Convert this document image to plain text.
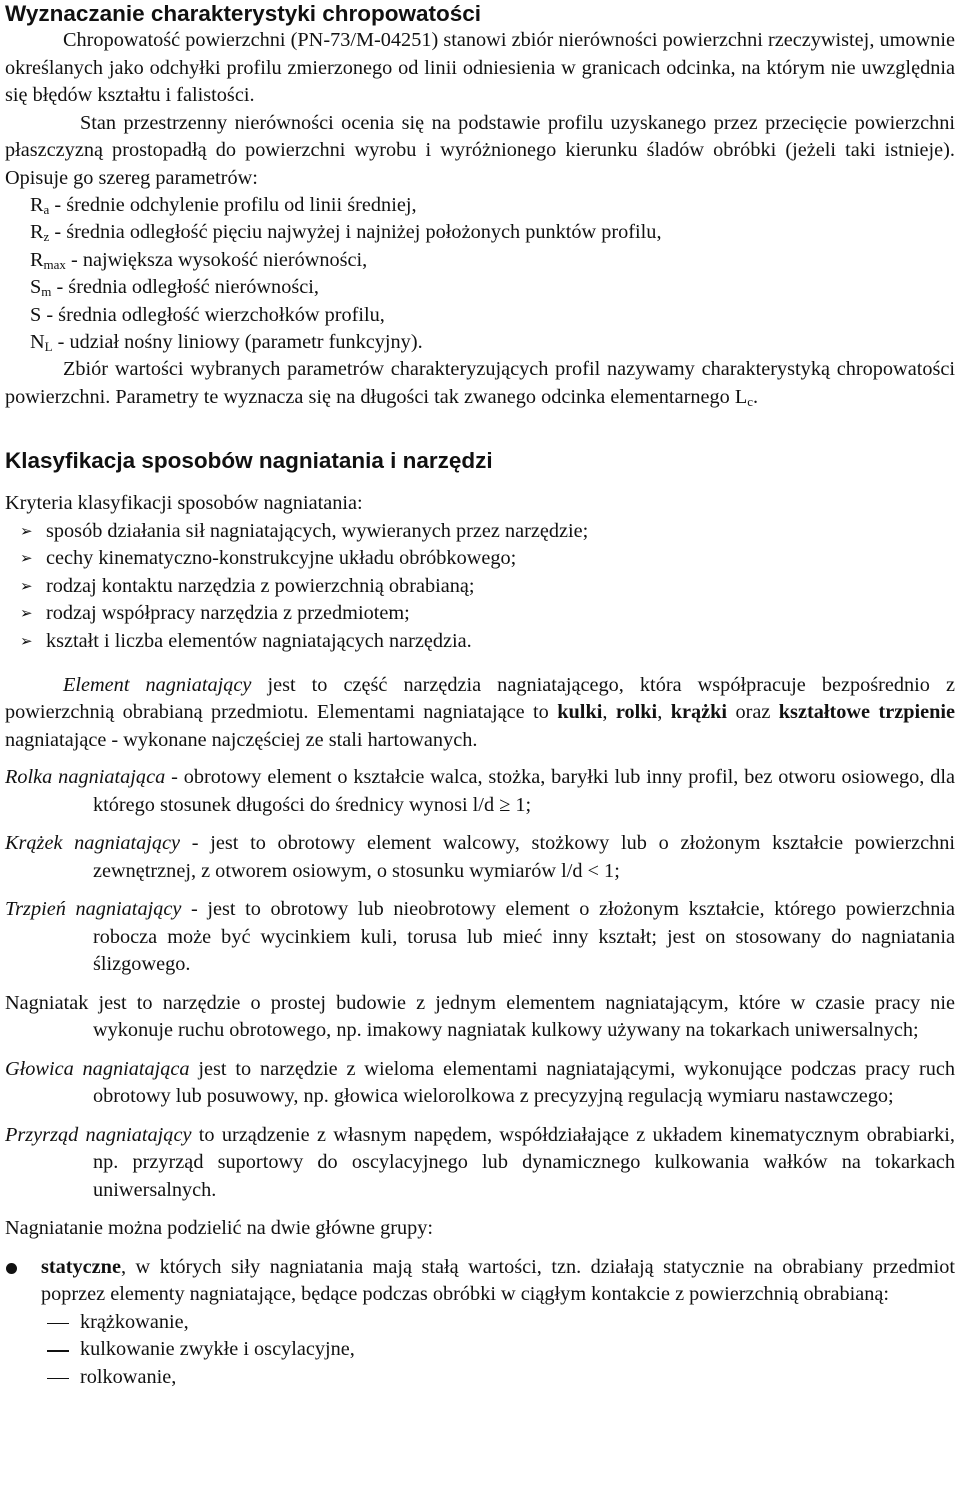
Wyznaczanie charakterystyki chropowatości

Chropowatość powierzchni (PN-73/M-04251) stanowi zbiór nierówności powierzchni rzeczywistej, umownie określanych jako odchyłki profilu zmierzonego od linii odniesienia w granicach odcinka, na którym nie uwzględnia się błędów kształtu i falistości.

Stan przestrzenny nierówności ocenia się na podstawie profilu uzyskanego przez przecięcie powierzchni płaszczyzną prostopadłą do powierzchni wyrobu i wyróżnionego kierunku śladów obróbki (jeżeli taki istnieje). Opisuje go szereg parametrów:

$R_a$ - średnie odchylenie profilu od linii średniej,
$R_z$ - średnia odległość pięciu najwyżej i najniżej położonych punktów profilu,
$R_{max}$ - największa wysokość nierówności,
$S_m$ - średnia odległość nierówności,
S - średnia odległość wierzchołków profilu,
$N_L$ - udział nośny liniowy (parametr funkcyjny).

Zbiór wartości wybranych parametrów charakteryzujących profil nazywamy charakterystyką chropowatości powierzchni. Parametry te wyznacza się na długości tak zwanego odcinka elementarnego $L_c$.

Klasyfikacja sposobów nagniatania i narzędzi

Kryteria klasyfikacji sposobów nagniatania:

➢ sposób działania sił nagniatających, wywieranych przez narzędzie;
➢ cechy kinematyczno-konstrukcyjne układu obróbkowego;
➢ rodzaj kontaktu narzędzia z powierzchnią obrabianą;
➢ rodzaj współpracy narzędzia z przedmiotem;
➢ kształt i liczba elementów nagniatających narzędzia.

Element nagniatający jest to część narzędzia nagniatającego, która współpracuje bezpośrednio z powierzchnią obrabianą przedmiotu. Elementami nagniatające to kulki, rolki, krążki oraz kształtowe trzpienie nagniatające - wykonane najczęściej ze stali hartowanych.

Rolka nagniatająca - obrotowy element o kształcie walca, stożka, baryłki lub inny profil, bez otworu osiowego, dla którego stosunek długości do średnicy wynosi l/d ≥ 1;

Krążek nagniatający - jest to obrotowy element walcowy, stożkowy lub o złożonym kształcie powierzchni zewnętrznej, z otworem osiowym, o stosunku wymiarów l/d < 1;

Trzpień nagniatający - jest to obrotowy lub nieobrotowy element o złożonym kształcie, którego powierzchnia robocza może być wycinkiem kuli, torusa lub mieć inny kształt; jest on stosowany do nagniatania ślizgowego.

Nagniatak jest to narzędzie o prostej budowie z jednym elementem nagniatającym, które w czasie pracy nie wykonuje ruchu obrotowego, np. imakowy nagniatak kulkowy używany na tokarkach uniwersalnych;

Głowica nagniatająca jest to narzędzie z wieloma elementami nagniatającymi, wykonujące podczas pracy ruch obrotowy lub posuwowy, np. głowica wielorolkowa z precyzyjną regulacją wymiaru nastawczego;

Przyrząd nagniatający to urządzenie z własnym napędem, współdziałające z układem kinematycznym obrabiarki, np. przyrząd suportowy do oscylacyjnego lub dynamicznego kulkowania wałków na tokarkach uniwersalnych.

Nagniatanie można podzielić na dwie główne grupy:

statyczne, w których siły nagniatania mają stałą wartości, tzn. działają statycznie na obrabiany przedmiot poprzez elementy nagniatające, będące podczas obróbki w ciągłym kontakcie z powierzchnią obrabianą:

krążkowanie,
kulkowanie zwykłe i oscylacyjne,
rolkowanie,
